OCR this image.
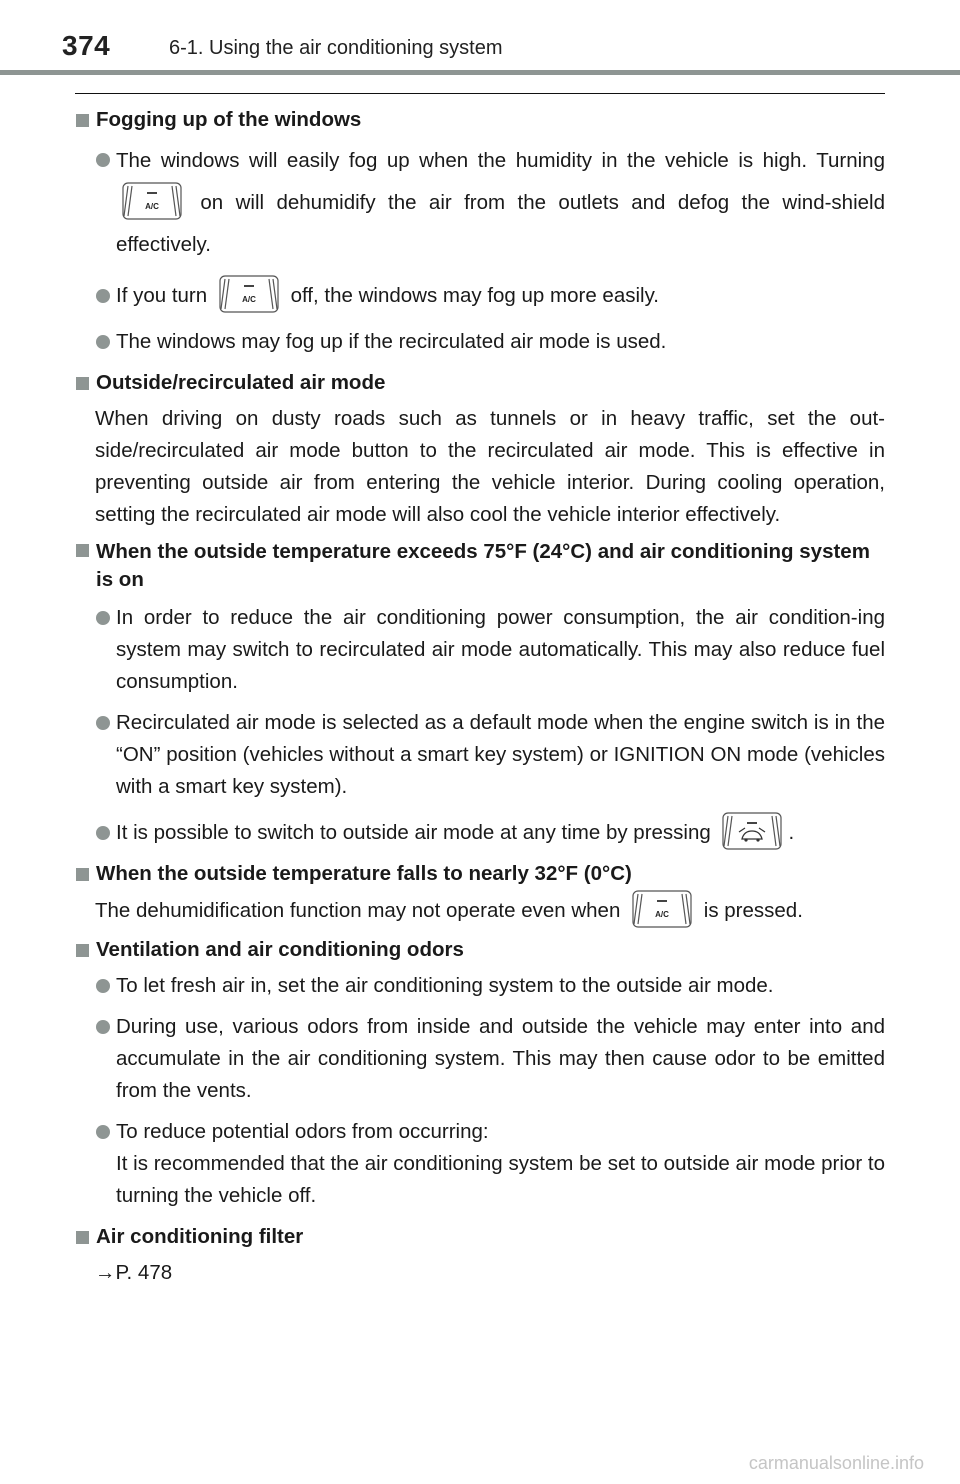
374	6-1. Using the air conditioning system
Fogging up of the windows
The windows will easily fog up when the humidity in the vehicle is high. Turning
A/C on will dehumidify the air from the outlets and defog the wind-shield effectively.
If you turn	A/C off, the windows may fog up more easily.
The windows may fog up if the recirculated air mode is used.
Outside/recirculated air mode
When driving on dusty roads such as tunnels or in heavy traffic, set the out-side/recirculated air mode button to the recirculated air mode. This is effective in preventing outside air from entering the vehicle interior. During cooling operation, setting the recirculated air mode will also cool the vehicle interior effectively.
When the outside temperature exceeds 75°F (24°C) and air conditioning system is on
In order to reduce the air conditioning power consumption, the air condition-ing system may switch to recirculated air mode automatically. This may also reduce fuel consumption.
Recirculated air mode is selected as a default mode when the engine switch is in the “ON” position (vehicles without a smart key system) or IGNITION ON mode (vehicles with a smart key system).
It is possible to switch to outside air mode at any time by pressing	.
When the outside temperature falls to nearly 32°F (0°C)
The dehumidification function may not operate even when	A/C is pressed.
Ventilation and air conditioning odors
To let fresh air in, set the air conditioning system to the outside air mode.
During use, various odors from inside and outside the vehicle may enter into and accumulate in the air conditioning system. This may then cause odor to be emitted from the vents.
To reduce potential odors from occurring:
It is recommended that the air conditioning system be set to outside air mode prior to turning the vehicle off.
Air conditioning filter
→P. 478
carmanualsonline.info
